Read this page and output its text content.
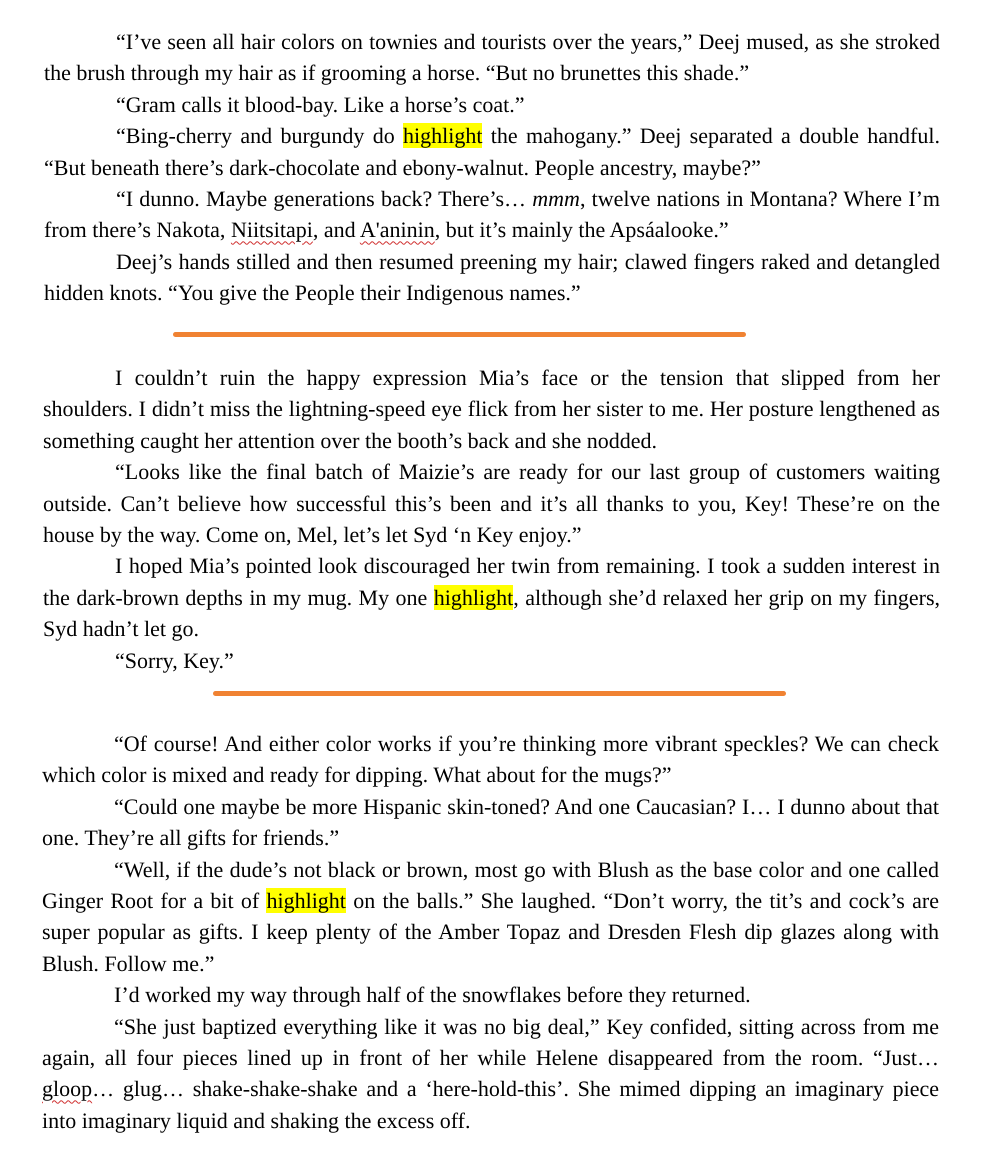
“I’ve seen all hair colors on townies and tourists over the years,” Deej mused, as she stroked the brush through my hair as if grooming a horse. “But no brunettes this shade.”

“Gram calls it blood-bay. Like a horse’s coat.”

“Bing-cherry and burgundy do highlight the mahogany.” Deej separated a double handful. “But beneath there’s dark-chocolate and ebony-walnut. People ancestry, maybe?”

“I dunno. Maybe generations back? There’s… mmm, twelve nations in Montana? Where I’m from there’s Nakota, Niitsitapi, and A'aninin, but it’s mainly the Apsáalooke.”

Deej’s hands stilled and then resumed preening my hair; clawed fingers raked and detangled hidden knots. “You give the People their Indigenous names.”

I couldn’t ruin the happy expression Mia’s face or the tension that slipped from her shoulders. I didn’t miss the lightning-speed eye flick from her sister to me. Her posture lengthened as something caught her attention over the booth’s back and she nodded.

“Looks like the final batch of Maizie’s are ready for our last group of customers waiting outside. Can’t believe how successful this’s been and it’s all thanks to you, Key! These’re on the house by the way. Come on, Mel, let’s let Syd ‘n Key enjoy.”

I hoped Mia’s pointed look discouraged her twin from remaining. I took a sudden interest in the dark-brown depths in my mug. My one highlight, although she’d relaxed her grip on my fingers, Syd hadn’t let go.

“Sorry, Key.”

“Of course! And either color works if you’re thinking more vibrant speckles? We can check which color is mixed and ready for dipping. What about for the mugs?”

“Could one maybe be more Hispanic skin-toned? And one Caucasian? I… I dunno about that one. They’re all gifts for friends.”

“Well, if the dude’s not black or brown, most go with Blush as the base color and one called Ginger Root for a bit of highlight on the balls.” She laughed. “Don’t worry, the tit’s and cock’s are super popular as gifts. I keep plenty of the Amber Topaz and Dresden Flesh dip glazes along with Blush. Follow me.”

I’d worked my way through half of the snowflakes before they returned.

“She just baptized everything like it was no big deal,” Key confided, sitting across from me again, all four pieces lined up in front of her while Helene disappeared from the room. “Just… gloop… glug… shake-shake-shake and a ‘here-hold-this’. She mimed dipping an imaginary piece into imaginary liquid and shaking the excess off.
